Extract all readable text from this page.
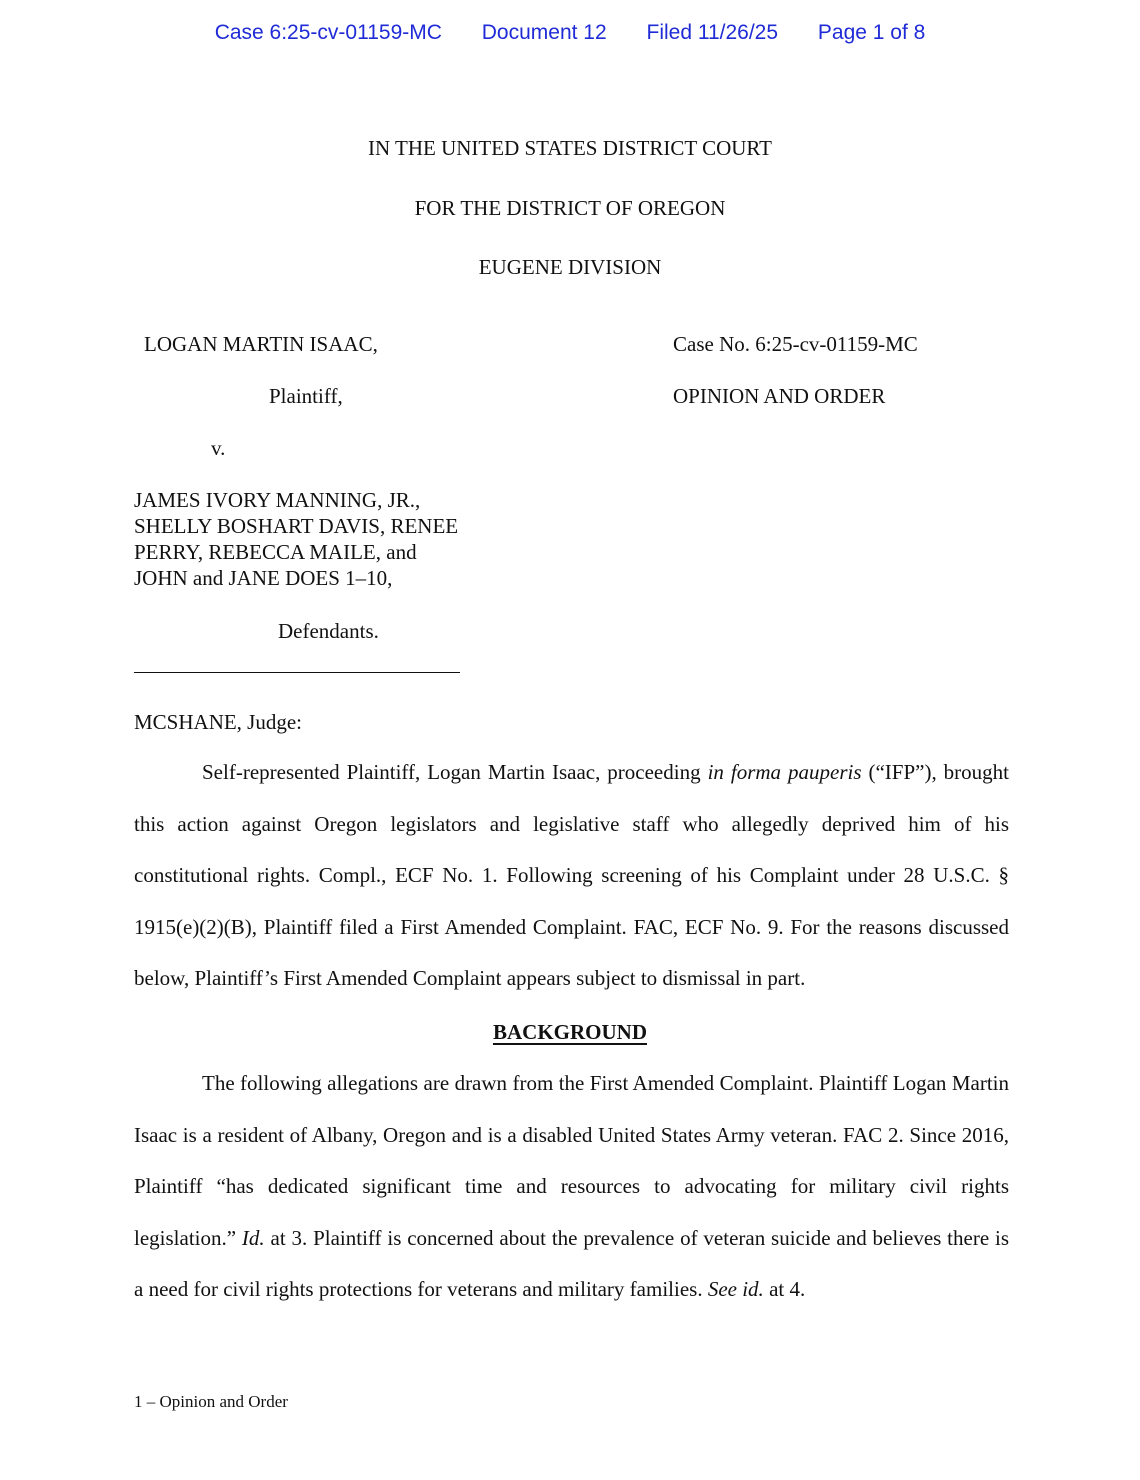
Case 6:25-cv-01159-MC Document 12 Filed 11/26/25 Page 1 of 8
IN THE UNITED STATES DISTRICT COURT
FOR THE DISTRICT OF OREGON
EUGENE DIVISION
LOGAN MARTIN ISAAC,
Plaintiff,
v.
JAMES IVORY MANNING, JR.,
SHELLY BOSHART DAVIS, RENEE
PERRY, REBECCA MAILE, and
JOHN and JANE DOES 1–10,
Defendants.
Case No. 6:25-cv-01159-MC
OPINION AND ORDER
MCSHANE, Judge:

Self-represented Plaintiff, Logan Martin Isaac, proceeding in forma pauperis (“IFP”), brought this action against Oregon legislators and legislative staff who allegedly deprived him of his constitutional rights. Compl., ECF No. 1. Following screening of his Complaint under 28 U.S.C. § 1915(e)(2)(B), Plaintiff filed a First Amended Complaint. FAC, ECF No. 9. For the reasons discussed below, Plaintiff’s First Amended Complaint appears subject to dismissal in part.

BACKGROUND

The following allegations are drawn from the First Amended Complaint. Plaintiff Logan Martin Isaac is a resident of Albany, Oregon and is a disabled United States Army veteran. FAC 2. Since 2016, Plaintiff “has dedicated significant time and resources to advocating for military civil rights legislation.” Id. at 3. Plaintiff is concerned about the prevalence of veteran suicide and believes there is a need for civil rights protections for veterans and military families. See id. at 4.

1 – Opinion and Order
